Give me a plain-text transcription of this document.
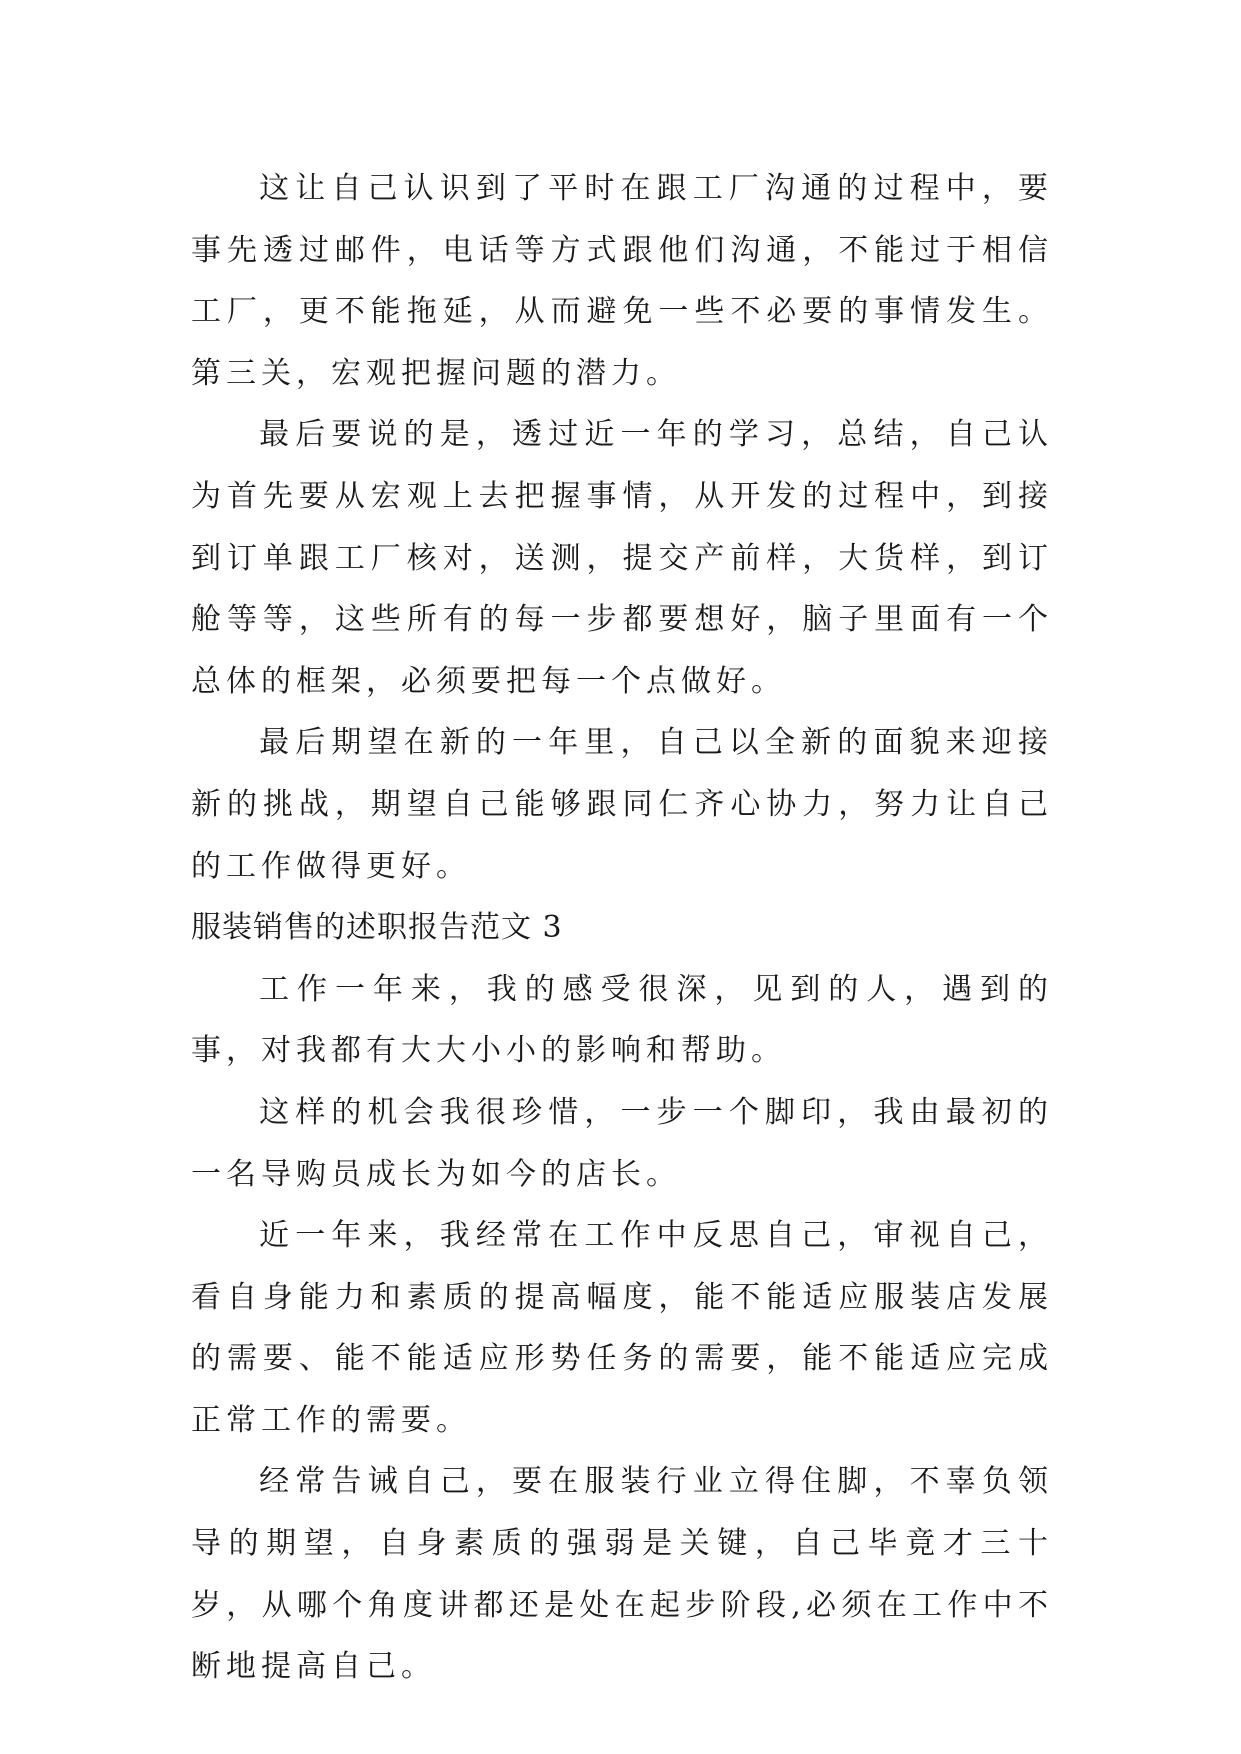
这让自己认识到了平时在跟工厂沟通的过程中，要事先透过邮件，电话等方式跟他们沟通，不能过于相信工厂，更不能拖延，从而避免一些不必要的事情发生。第三关，宏观把握问题的潜力。

最后要说的是，透过近一年的学习，总结，自己认为首先要从宏观上去把握事情，从开发的过程中，到接到订单跟工厂核对，送测，提交产前样，大货样，到订舱等等，这些所有的每一步都要想好，脑子里面有一个总体的框架，必须要把每一个点做好。

最后期望在新的一年里，自己以全新的面貌来迎接新的挑战，期望自己能够跟同仁齐心协力，努力让自己的工作做得更好。

服装销售的述职报告范文 3

工作一年来，我的感受很深，见到的人，遇到的事，对我都有大大小小的影响和帮助。

这样的机会我很珍惜，一步一个脚印，我由最初的一名导购员成长为如今的店长。

近一年来，我经常在工作中反思自己，审视自己，看自身能力和素质的提高幅度，能不能适应服装店发展的需要、能不能适应形势任务的需要，能不能适应完成正常工作的需要。

经常告诫自己，要在服装行业立得住脚，不辜负领导的期望，自身素质的强弱是关键，自己毕竟才三十岁，从哪个角度讲都还是处在起步阶段,必须在工作中不断地提高自己。
